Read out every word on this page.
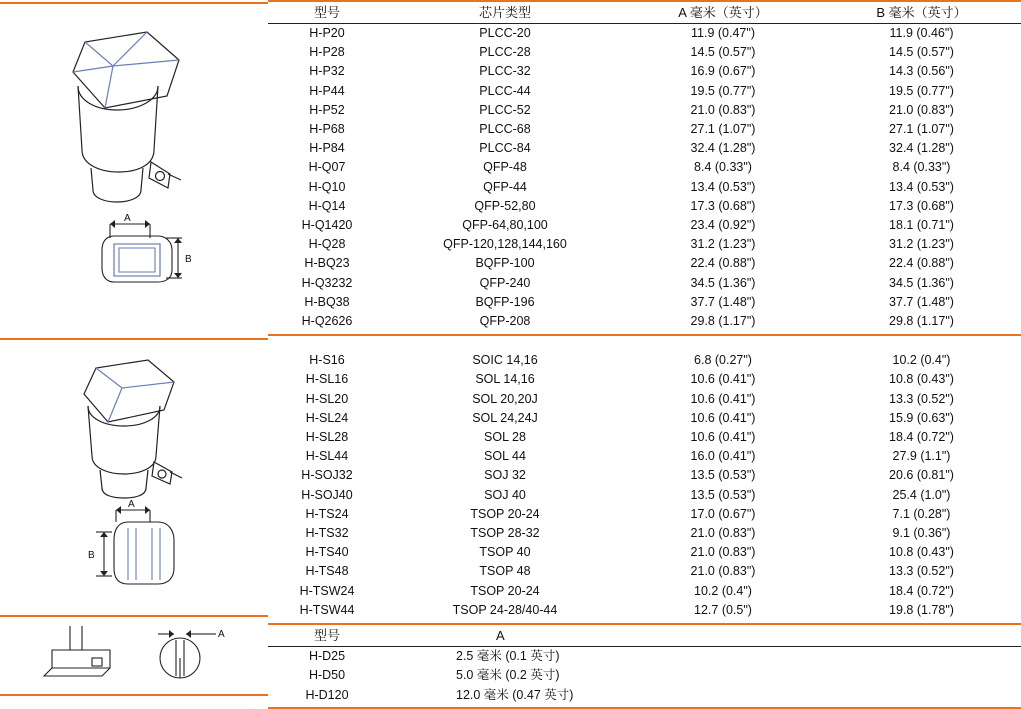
A
B
A
B
A
型号	芯片类型	A 毫米（英寸）	B 毫米（英寸）
H-P20	PLCC-20	11.9 (0.47")	11.9 (0.46")
H-P28	PLCC-28	14.5 (0.57")	14.5 (0.57")
H-P32	PLCC-32	16.9 (0.67")	14.3 (0.56")
H-P44	PLCC-44	19.5 (0.77")	19.5 (0.77")
H-P52	PLCC-52	21.0 (0.83")	21.0 (0.83")
H-P68	PLCC-68	27.1 (1.07")	27.1 (1.07")
H-P84	PLCC-84	32.4 (1.28")	32.4 (1.28")
H-Q07	QFP-48	8.4 (0.33")	8.4 (0.33")
H-Q10	QFP-44	13.4 (0.53")	13.4 (0.53")
H-Q14	QFP-52,80	17.3 (0.68")	17.3 (0.68")
H-Q1420	QFP-64,80,100	23.4 (0.92")	18.1 (0.71")
H-Q28	QFP-120,128,144,160	31.2 (1.23")	31.2 (1.23")
H-BQ23	BQFP-100	22.4 (0.88")	22.4 (0.88")
H-Q3232	QFP-240	34.5 (1.36")	34.5 (1.36")
H-BQ38	BQFP-196	37.7 (1.48")	37.7 (1.48")
H-Q2626	QFP-208	29.8 (1.17")	29.8 (1.17")
H-S16	SOIC 14,16	6.8 (0.27")	10.2 (0.4")
H-SL16	SOL 14,16	10.6 (0.41")	10.8 (0.43")
H-SL20	SOL 20,20J	10.6 (0.41")	13.3 (0.52")
H-SL24	SOL 24,24J	10.6 (0.41")	15.9 (0.63")
H-SL28	SOL 28	10.6 (0.41")	18.4 (0.72")
H-SL44	SOL 44	16.0 (0.41")	27.9 (1.1")
H-SOJ32	SOJ 32	13.5 (0.53")	20.6 (0.81")
H-SOJ40	SOJ 40	13.5 (0.53")	25.4 (1.0")
H-TS24	TSOP 20-24	17.0 (0.67")	7.1 (0.28")
H-TS32	TSOP 28-32	21.0 (0.83")	9.1 (0.36")
H-TS40	TSOP 40	21.0 (0.83")	10.8 (0.43")
H-TS48	TSOP 48	21.0 (0.83")	13.3 (0.52")
H-TSW24	TSOP 20-24	10.2 (0.4")	18.4 (0.72")
H-TSW44	TSOP 24-28/40-44	12.7 (0.5")	19.8 (1.78")
型号	A
H-D25	2.5 毫米 (0.1 英寸)
H-D50	5.0 毫米 (0.2 英寸)
H-D120	12.0 毫米 (0.47 英寸)
